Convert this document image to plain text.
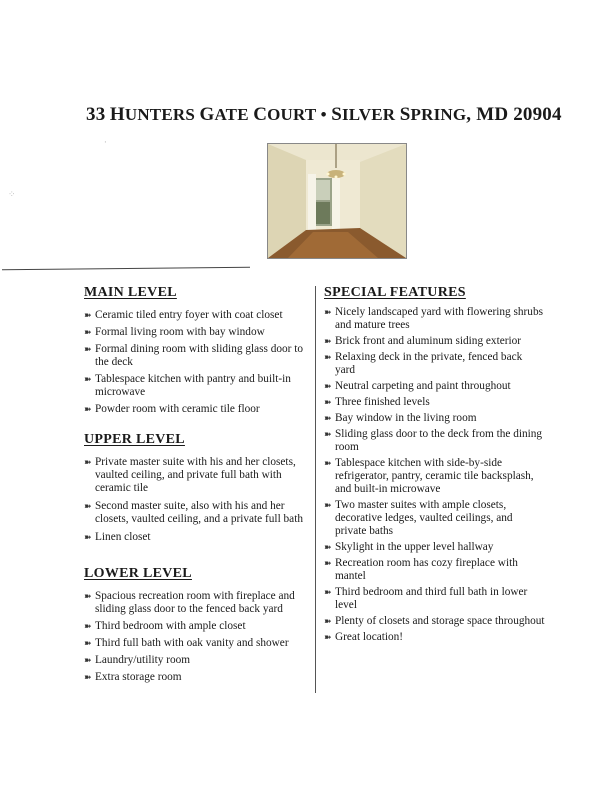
33 HUNTERS GATE COURT • SILVER SPRING, MD 20904
⁘
·
MAIN LEVEL
➽ Ceramic tiled entry foyer with coat closet
➽ Formal living room with bay window
➽ Formal dining room with sliding glass door to the deck
➽ Tablespace kitchen with pantry and built-in microwave
➽ Powder room with ceramic tile floor
UPPER LEVEL
➽ Private master suite with his and her closets, vaulted ceiling, and private full bath with ceramic tile
➽ Second master suite, also with his and her closets, vaulted ceiling, and a private full bath
➽ Linen closet
LOWER LEVEL
➽ Spacious recreation room with fireplace and sliding glass door to the fenced back yard
➽ Third bedroom with ample closet
➽ Third full bath with oak vanity and shower
➽ Laundry/utility room
➽ Extra storage room
SPECIAL FEATURES
➽ Nicely landscaped yard with flowering shrubs and mature trees
➽ Brick front and aluminum siding exterior
➽ Relaxing deck in the private, fenced back yard
➽ Neutral carpeting and paint throughout
➽ Three finished levels
➽ Bay window in the living room
➽ Sliding glass door to the deck from the dining room
➽ Tablespace kitchen with side-by-side refrigerator, pantry, ceramic tile backsplash, and built-in microwave
➽ Two master suites with ample closets, decorative ledges, vaulted ceilings, and private baths
➽ Skylight in the upper level hallway
➽ Recreation room has cozy fireplace with mantel
➽ Third bedroom and third full bath in lower level
➽ Plenty of closets and storage space throughout
➽ Great location!
